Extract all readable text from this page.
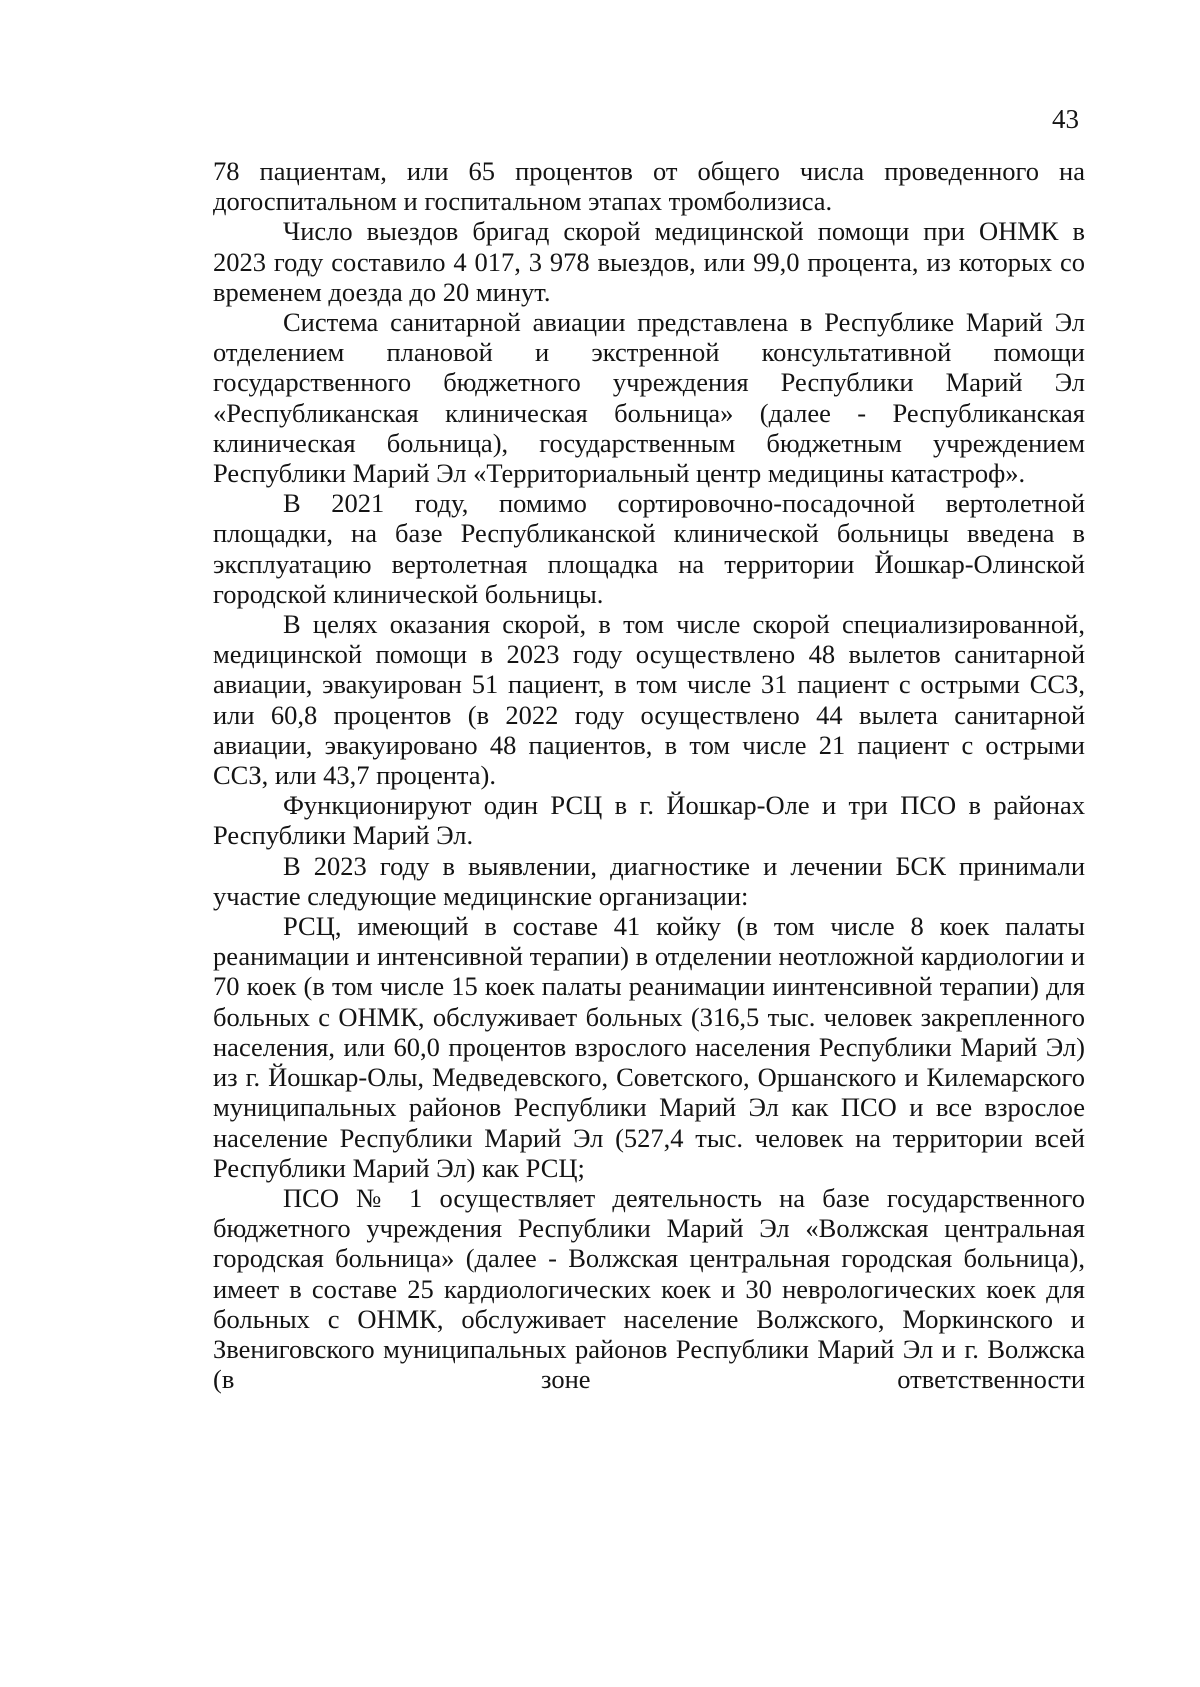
43

78 пациентам, или 65 процентов от общего числа проведенного на догоспитальном и госпитальном этапах тромболизиса.

Число выездов бригад скорой медицинской помощи при ОНМК в 2023 году составило 4 017, 3 978 выездов, или 99,0 процента, из которых со временем доезда до 20 минут.

Система санитарной авиации представлена в Республике Марий Эл отделением плановой и экстренной консультативной помощи государственного бюджетного учреждения Республики Марий Эл «Республиканская клиническая больница» (далее - Республиканская клиническая больница), государственным бюджетным учреждением Республики Марий Эл «Территориальный центр медицины катастроф».

В 2021 году, помимо сортировочно-посадочной вертолетной площадки, на базе Республиканской клинической больницы введена в эксплуатацию вертолетная площадка на территории Йошкар-Олинской городской клинической больницы.

В целях оказания скорой, в том числе скорой специализированной, медицинской помощи в 2023 году осуществлено 48 вылетов санитарной авиации, эвакуирован 51 пациент, в том числе 31 пациент с острыми ССЗ, или 60,8 процентов (в 2022 году осуществлено 44 вылета санитарной авиации, эвакуировано 48 пациентов, в том числе 21 пациент с острыми ССЗ, или 43,7 процента).

Функционируют один РСЦ в г. Йошкар-Оле и три ПСО в районах Республики Марий Эл.

В 2023 году в выявлении, диагностике и лечении БСК принимали участие следующие медицинские организации:

РСЦ, имеющий в составе 41 койку (в том числе 8 коек палаты реанимации и интенсивной терапии) в отделении неотложной кардиологии и 70 коек (в том числе 15 коек палаты реанимации иинтенсивной терапии) для больных с ОНМК, обслуживает больных (316,5 тыс. человек закрепленного населения, или 60,0 процентов взрослого населения Республики Марий Эл) из г. Йошкар-Олы, Медведевского, Советского, Оршанского и Килемарского муниципальных районов Республики Марий Эл как ПСО и все взрослое население Республики Марий Эл (527,4 тыс. человек на территории всей Республики Марий Эл) как РСЦ;

ПСО № 1 осуществляет деятельность на базе государственного бюджетного учреждения Республики Марий Эл «Волжская центральная городская больница» (далее - Волжская центральная городская больница), имеет в составе 25 кардиологических коек и 30 неврологических коек для больных с ОНМК, обслуживает население Волжского, Моркинского и Звениговского муниципальных районов Республики Марий Эл и г. Волжска (в зоне ответственности
